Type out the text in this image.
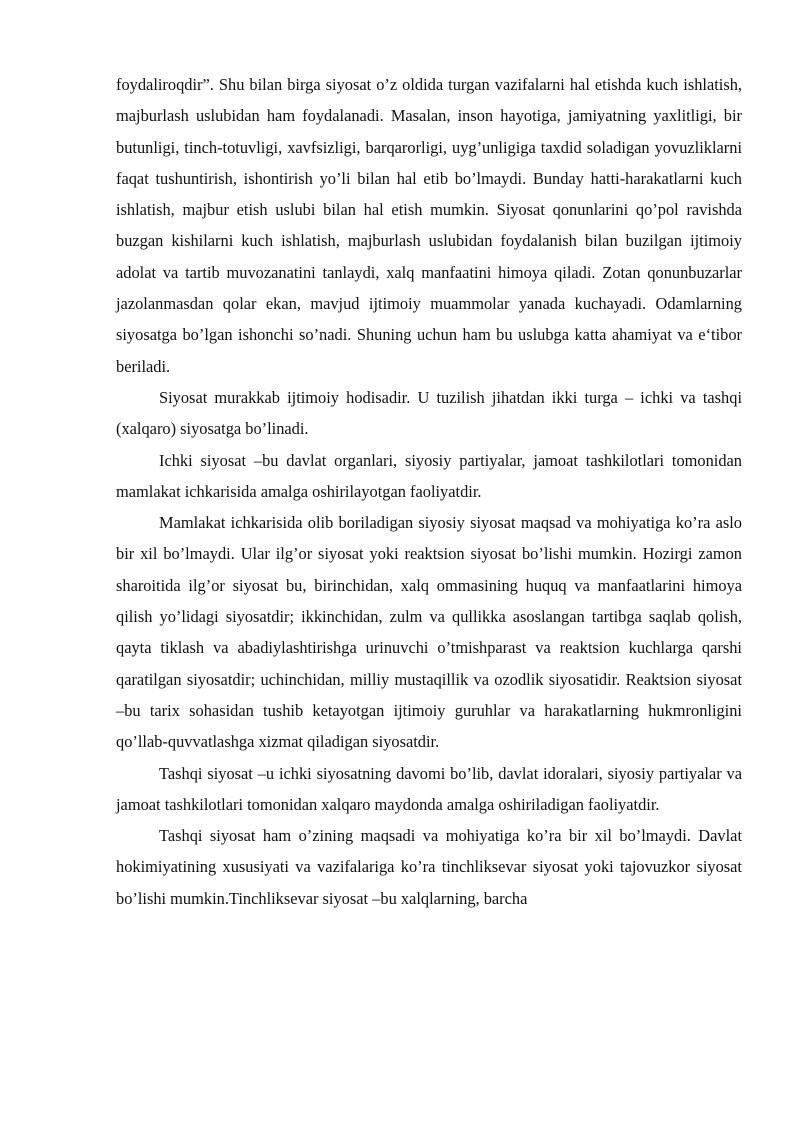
foydaliroqdir”. Shu bilan birga siyosat o’z oldida turgan vazifalarni hal etishda kuch ishlatish, majburlash uslubidan ham foydalanadi. Masalan, inson hayotiga, jamiyatning yaxlitligi, bir butunligi, tinch-totuvligi, xavfsizligi, barqarorligi, uyg’unligiga taxdid soladigan yovuzliklarni faqat tushuntirish, ishontirish yo’li bilan hal etib bo’lmaydi. Bunday hatti-harakatlarni kuch ishlatish, majbur etish uslubi bilan hal etish mumkin. Siyosat qonunlarini qo’pol ravishda buzgan kishilarni kuch ishlatish, majburlash uslubidan foydalanish bilan buzilgan ijtimoiy adolat va tartib muvozanatini tanlaydi, xalq manfaatini himoya qiladi. Zotan qonunbuzarlar jazolanmasdan qolar ekan, mavjud ijtimoiy muammolar yanada kuchayadi. Odamlarning siyosatga bo’lgan ishonchi so’nadi. Shuning uchun ham bu uslubga katta ahamiyat va e‘tibor beriladi.

Siyosat murakkab ijtimoiy hodisadir. U tuzilish jihatdan ikki turga – ichki va tashqi (xalqaro) siyosatga bo’linadi.

Ichki siyosat –bu davlat organlari, siyosiy partiyalar, jamoat tashkilotlari tomonidan mamlakat ichkarisida amalga oshirilayotgan faoliyatdir.

Mamlakat ichkarisida olib boriladigan siyosiy siyosat maqsad va mohiyatiga ko’ra aslo bir xil bo’lmaydi. Ular ilg’or siyosat yoki reaktsion siyosat bo’lishi mumkin. Hozirgi zamon sharoitida ilg’or siyosat bu, birinchidan, xalq ommasining huquq va manfaatlarini himoya qilish yo’lidagi siyosatdir; ikkinchidan, zulm va qullikka asoslangan tartibga saqlab qolish, qayta tiklash va abadiylashtirishga urinuvchi o’tmishparast va reaktsion kuchlarga qarshi qaratilgan siyosatdir; uchinchidan, milliy mustaqillik va ozodlik siyosatidir. Reaktsion siyosat –bu tarix sohasidan tushib ketayotgan ijtimoiy guruhlar va harakatlarning hukmronligini qo’llab-quvvatlashga xizmat qiladigan siyosatdir.

Tashqi siyosat –u ichki siyosatning davomi bo’lib, davlat idoralari, siyosiy partiyalar va jamoat tashkilotlari tomonidan xalqaro maydonda amalga oshiriladigan faoliyatdir.

Tashqi siyosat ham o’zining maqsadi va mohiyatiga ko’ra bir xil bo’lmaydi. Davlat hokimiyatining xususiyati va vazifalariga ko’ra tinchliksevar siyosat yoki tajovuzkor siyosat bo’lishi mumkin.Tinchliksevar siyosat –bu xalqlarning, barcha
